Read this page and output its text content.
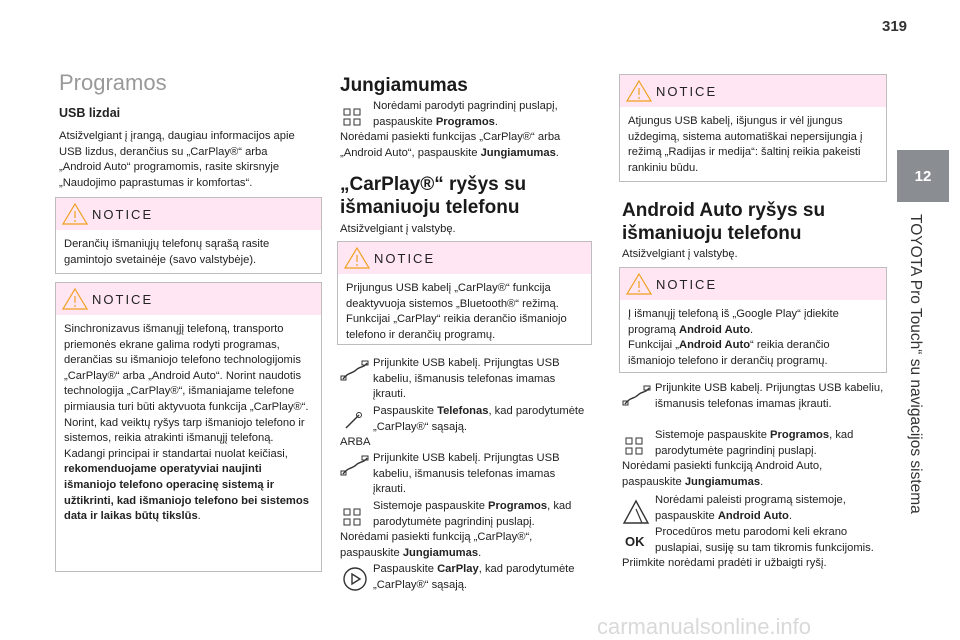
319
12
TOYOTA Pro Touch“ su navigacijos sistema
Programos
USB lizdai

Atsižvelgiant į įrangą, daugiau informacijos apie USB lizdus, derančius su „CarPlay®“ arba „Android Auto“ programomis, rasite skirsnyje „Naudojimo paprastumas ir komfortas“.

NOTICE

Derančių išmaniųjų telefonų sąrašą rasite gamintojo svetainėje (savo valstybėje).

NOTICE

Sinchronizavus išmanųjį telefoną, transporto priemonės ekrane galima rodyti programas, derančias su išmaniojo telefono technologijomis „CarPlay®“ arba „Android Auto“. Norint naudotis technologija „CarPlay®“, išmaniajame telefone pirmiausia turi būti aktyvuota funkcija „CarPlay®“. Norint, kad veiktų ryšys tarp išmaniojo telefono ir sistemos, reikia atrakinti išmanųjį telefoną.

Kadangi principai ir standartai nuolat keičiasi, rekomenduojame operatyviai naujinti išmaniojo telefono operacinę sistemą ir užtikrinti, kad išmaniojo telefono bei sistemos data ir laikas būtų tikslūs.

Jungiamumas

Norėdami parodyti pagrindinį puslapį, paspauskite Programos.

Norėdami pasiekti funkcijas „CarPlay®“ arba „Android Auto“, paspauskite Jungiamumas.

„CarPlay®“ ryšys su išmaniuoju telefonu

Atsižvelgiant į valstybę.

NOTICE

Prijungus USB kabelį „CarPlay®“ funkcija deaktyvuoja sistemos „Bluetooth®“ režimą. Funkcijai „CarPlay“ reikia derančio išmaniojo telefono ir derančių programų.

Prijunkite USB kabelį. Prijungtas USB kabeliu, išmanusis telefonas imamas įkrauti.

Paspauskite Telefonas, kad parodytumėte „CarPlay®“ sąsają.

ARBA

Prijunkite USB kabelį. Prijungtas USB kabeliu, išmanusis telefonas imamas įkrauti.

Sistemoje paspauskite Programos, kad parodytumėte pagrindinį puslapį.

Norėdami pasiekti funkciją „CarPlay®“, paspauskite Jungiamumas.

Paspauskite CarPlay, kad parodytumėte „CarPlay®“ sąsają.

NOTICE

Atjungus USB kabelį, išjungus ir vėl įjungus uždegimą, sistema automatiškai nepersijungia į režimą „Radijas ir medija“: šaltinį reikia pakeisti rankiniu būdu.

Android Auto ryšys su išmaniuoju telefonu

Atsižvelgiant į valstybę.

NOTICE

Į išmanųjį telefoną iš „Google Play“ įdiekite programą Android Auto.

Funkcijai „Android Auto“ reikia derančio išmaniojo telefono ir derančių programų.

Prijunkite USB kabelį. Prijungtas USB kabeliu, išmanusis telefonas imamas įkrauti.

Sistemoje paspauskite Programos, kad parodytumėte pagrindinį puslapį.

Norėdami pasiekti funkciją Android Auto, paspauskite Jungiamumas.

Norėdami paleisti programą sistemoje, paspauskite Android Auto.

OK

Procedūros metu parodomi keli ekrano puslapiai, susiję su tam tikromis funkcijomis.

Priimkite norėdami pradėti ir užbaigti ryšį.

carmanualsonline.info
